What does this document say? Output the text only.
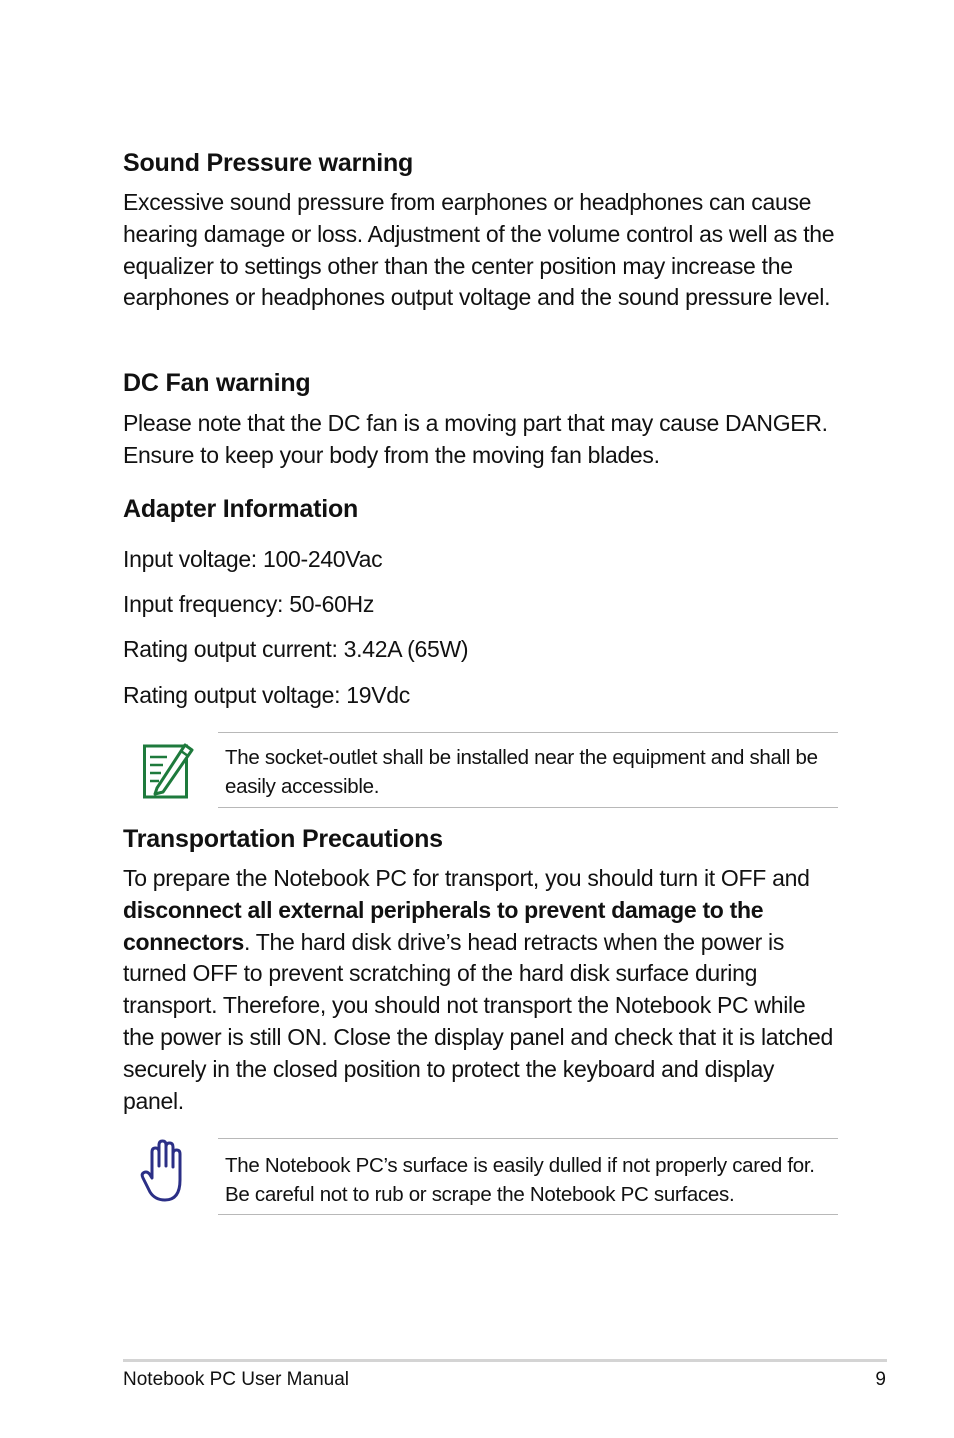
Sound Pressure warning

Excessive sound pressure from earphones or headphones can cause hearing damage or loss. Adjustment of the volume control as well as the equalizer to settings other than the center position may increase the earphones or headphones output voltage and the sound pressure level.

DC Fan warning

Please note that the DC fan is a moving part that may cause DANGER. Ensure to keep your body from the moving fan blades.

Adapter Information

Input voltage: 100-240Vac

Input frequency: 50-60Hz

Rating output current: 3.42A (65W)

Rating output voltage: 19Vdc

The socket-outlet shall be installed near the equipment and shall be easily accessible.

Transportation Precautions

To prepare the Notebook PC for transport, you should turn it OFF and disconnect all external peripherals to prevent damage to the connectors. The hard disk drive’s head retracts when the power is turned OFF to prevent scratching of the hard disk surface during transport. Therefore, you should not transport the Notebook PC while the power is still ON. Close the display panel and check that it is latched securely in the closed position to protect the keyboard and display panel.

The Notebook PC’s surface is easily dulled if not properly cared for. Be careful not to rub or scrape the Notebook PC surfaces.

Notebook PC User Manual	9
